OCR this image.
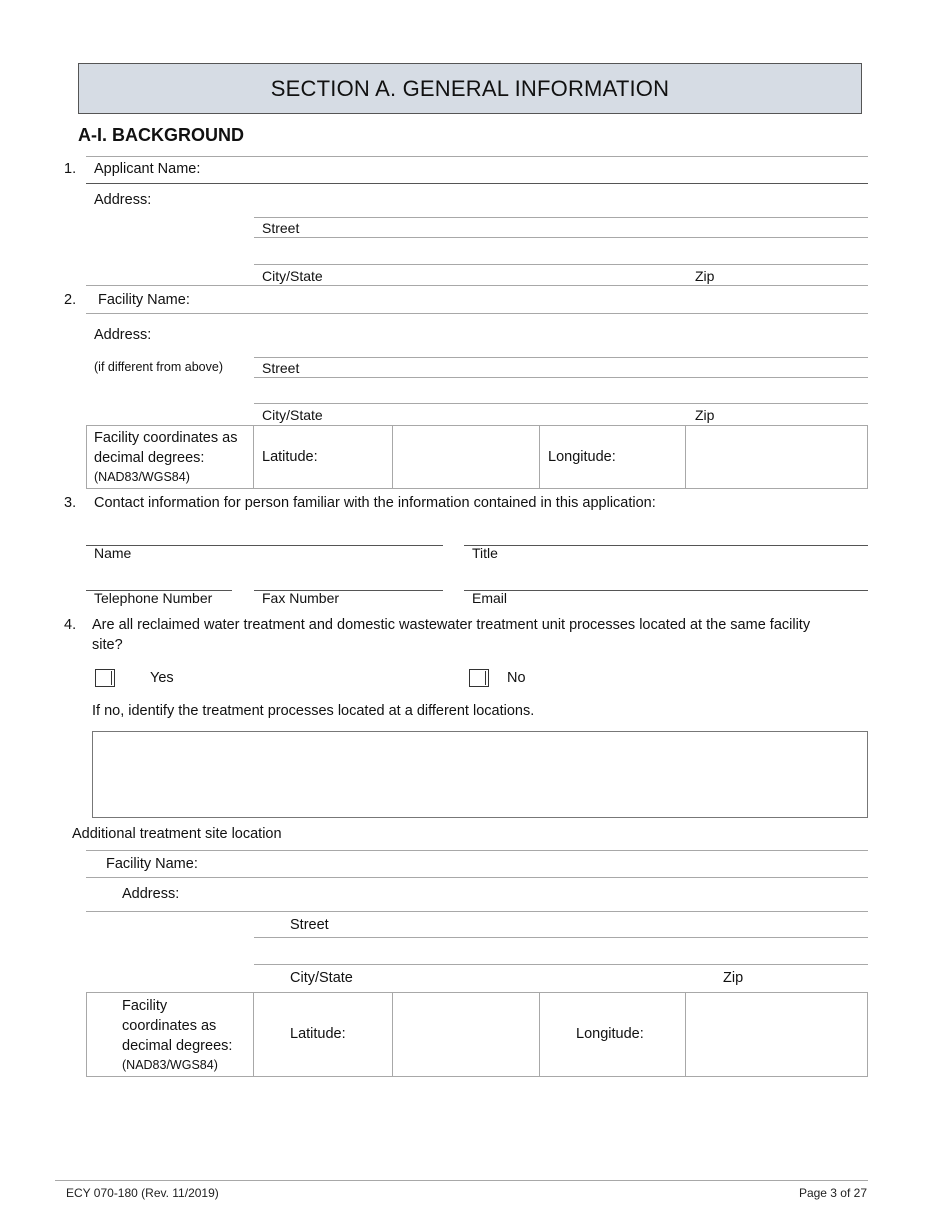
SECTION A. GENERAL INFORMATION
A-I. BACKGROUND
1. Applicant Name:
Address:
Street
City/State	Zip
2. Facility Name:
Address:
(if different from above)	Street
City/State	Zip
Facility coordinates as
decimal degrees:
(NAD83/WGS84)
Latitude:	Longitude:
3. Contact information for person familiar with the information contained in this application:
Name	Title
Telephone Number	Fax Number	Email
4. Are all reclaimed water treatment and domestic wastewater treatment unit processes located at the same facility
site?
Yes	No
If no, identify the treatment processes located at a different locations.
Additional treatment site location
Facility Name:
Address:
Street
City/State	Zip
Facility
coordinates as
decimal degrees:
(NAD83/WGS84)
Latitude:	Longitude:
ECY 070-180 (Rev. 11/2019)	Page 3 of 27
